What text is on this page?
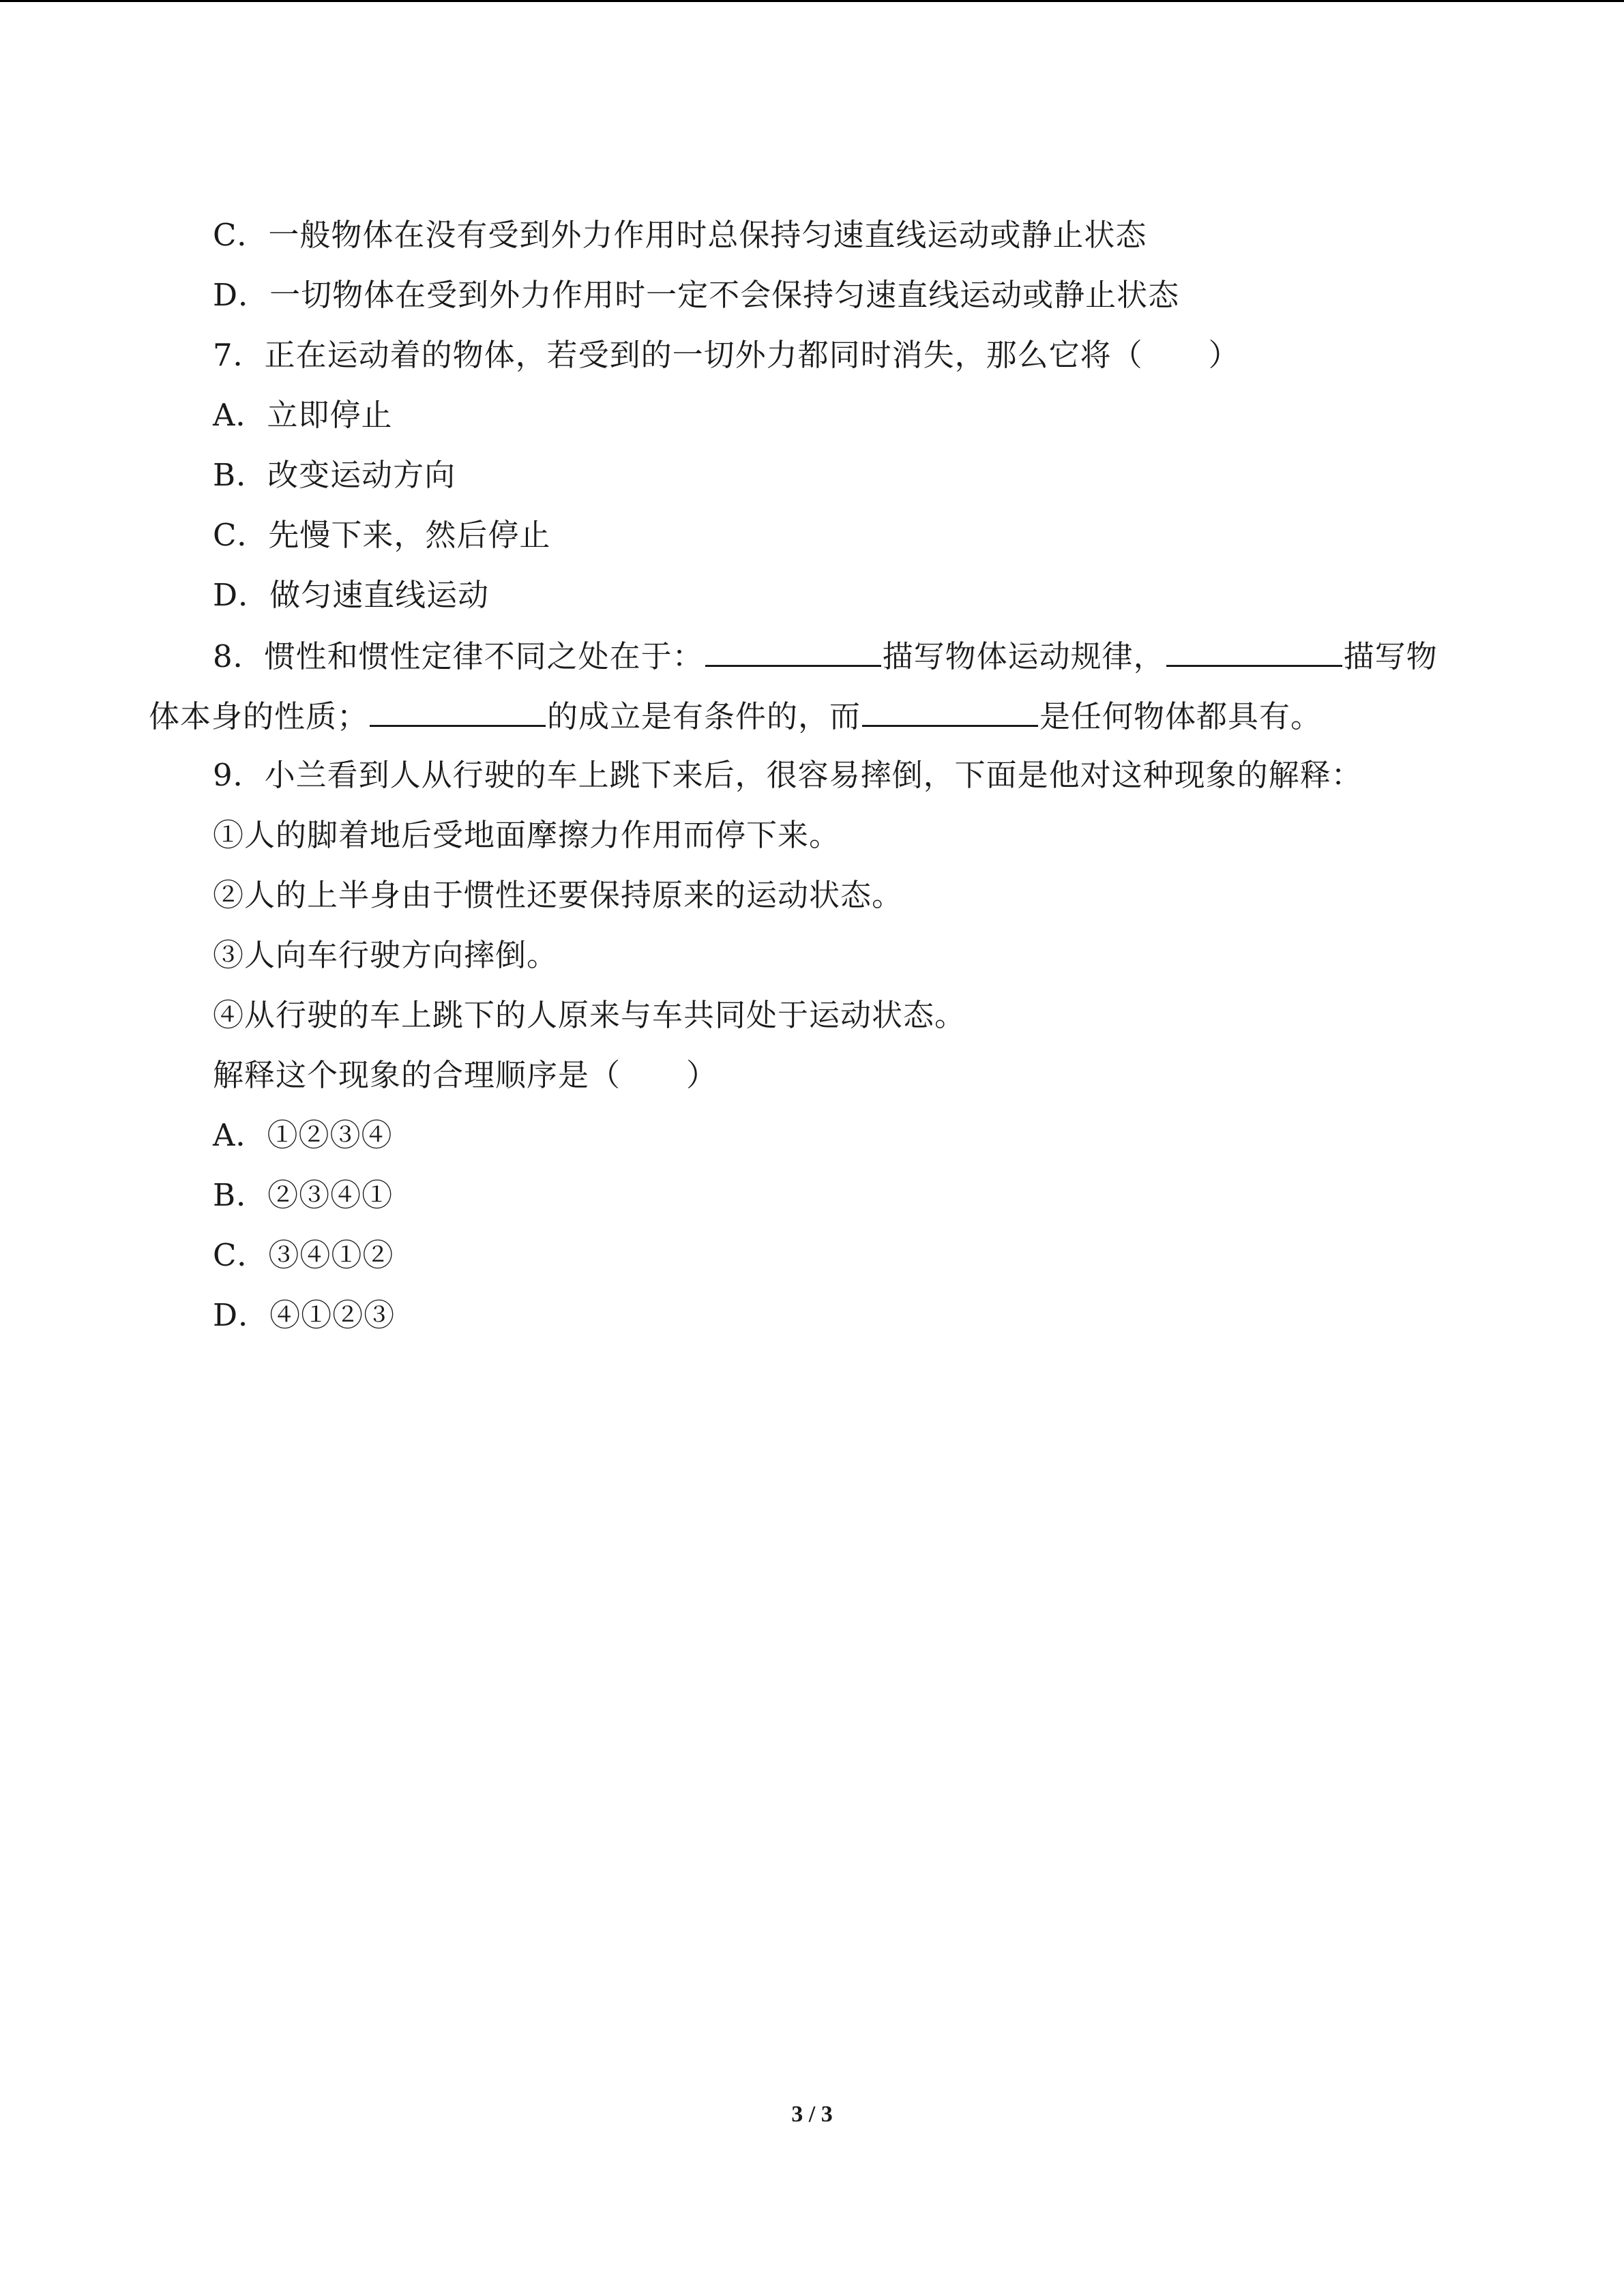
C．一般物体在没有受到外力作用时总保持匀速直线运动或静止状态
D．一切物体在受到外力作用时一定不会保持匀速直线运动或静止状态
7．正在运动着的物体，若受到的一切外力都同时消失，那么它将（ ）
A．立即停止
B．改变运动方向
C．先慢下来，然后停止
D．做匀速直线运动
8．惯性和惯性定律不同之处在于：	描写物体运动规律，	描写物
体本身的性质；	的成立是有条件的，而	是任何物体都具有。
9．小兰看到人从行驶的车上跳下来后，很容易摔倒，下面是他对这种现象的解释：
①人的脚着地后受地面摩擦力作用而停下来。
②人的上半身由于惯性还要保持原来的运动状态。
③人向车行驶方向摔倒。
④从行驶的车上跳下的人原来与车共同处于运动状态。
解释这个现象的合理顺序是（ ）
A．①②③④
B．②③④①
C．③④①②
D．④①②③
3 / 3
